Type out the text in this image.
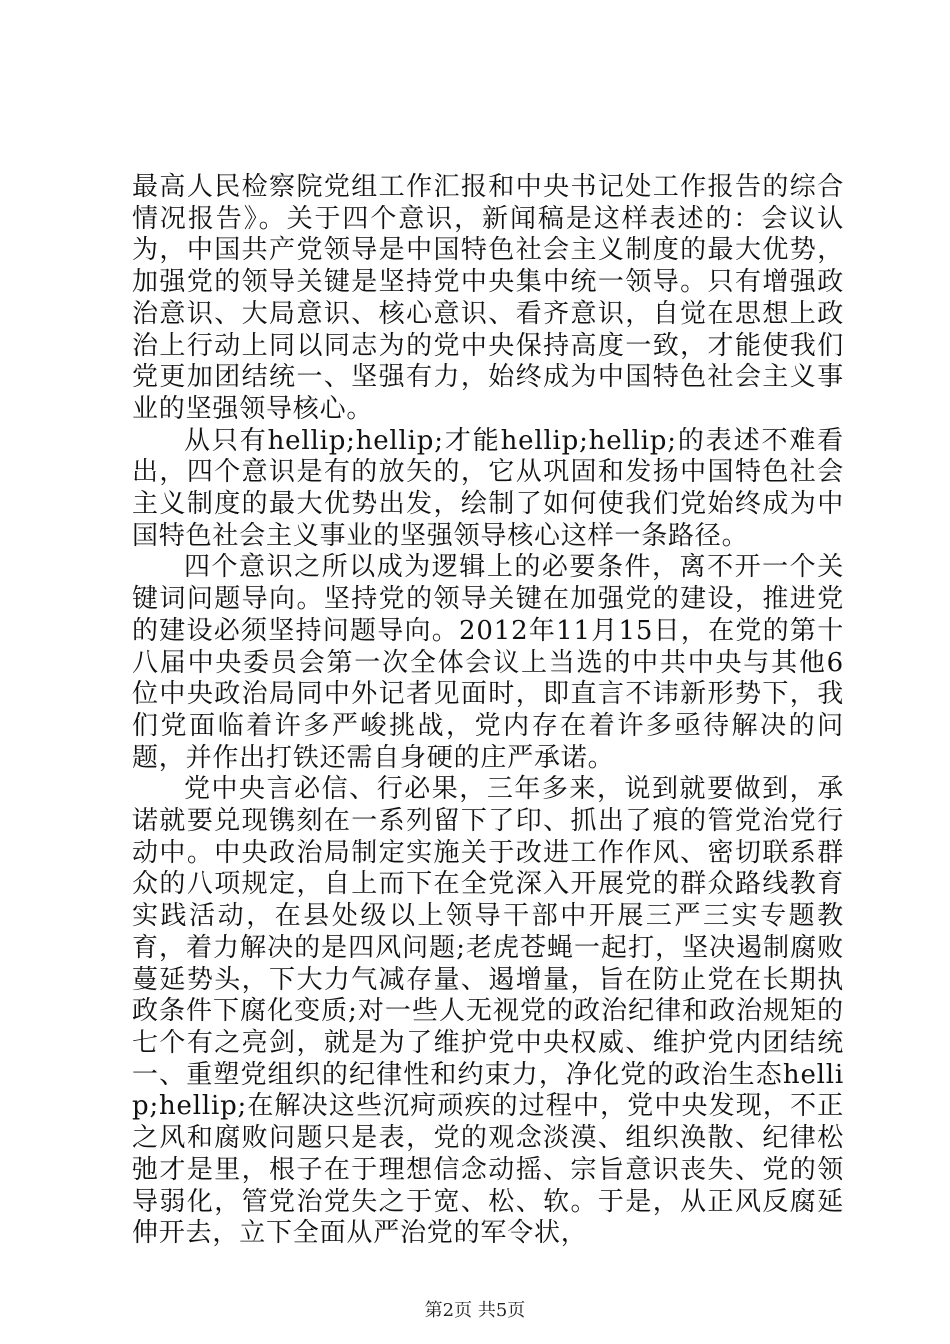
最高人民检察院党组工作汇报和中央书记处工作报告的综合情况报告》。关于四个意识，新闻稿是这样表述的：会议认为，中国共产党领导是中国特色社会主义制度的最大优势，加强党的领导关键是坚持党中央集中统一领导。只有增强政治意识、大局意识、核心意识、看齐意识，自觉在思想上政治上行动上同以同志为的党中央保持高度一致，才能使我们党更加团结统一、坚强有力，始终成为中国特色社会主义事业的坚强领导核心。

从只有hellip;hellip;才能hellip;hellip;的表述不难看出，四个意识是有的放矢的，它从巩固和发扬中国特色社会主义制度的最大优势出发，绘制了如何使我们党始终成为中国特色社会主义事业的坚强领导核心这样一条路径。

四个意识之所以成为逻辑上的必要条件，离不开一个关键词问题导向。坚持党的领导关键在加强党的建设，推进党的建设必须坚持问题导向。2012年11月15日，在党的第十八届中央委员会第一次全体会议上当选的中共中央与其他6位中央政治局同中外记者见面时，即直言不讳新形势下，我们党面临着许多严峻挑战，党内存在着许多亟待解决的问题，并作出打铁还需自身硬的庄严承诺。

党中央言必信、行必果，三年多来，说到就要做到，承诺就要兑现镌刻在一系列留下了印、抓出了痕的管党治党行动中。中央政治局制定实施关于改进工作作风、密切联系群众的八项规定，自上而下在全党深入开展党的群众路线教育实践活动，在县处级以上领导干部中开展三严三实专题教育，着力解决的是四风问题;老虎苍蝇一起打，坚决遏制腐败蔓延势头，下大力气减存量、遏增量，旨在防止党在长期执政条件下腐化变质;对一些人无视党的政治纪律和政治规矩的七个有之亮剑，就是为了维护党中央权威、维护党内团结统一、重塑党组织的纪律性和约束力，净化党的政治生态hellip;hellip;在解决这些沉疴顽疾的过程中，党中央发现，不正之风和腐败问题只是表，党的观念淡漠、组织涣散、纪律松弛才是里，根子在于理想信念动摇、宗旨意识丧失、党的领导弱化，管党治党失之于宽、松、软。于是，从正风反腐延伸开去，立下全面从严治党的军令状，

第2页 共5页
